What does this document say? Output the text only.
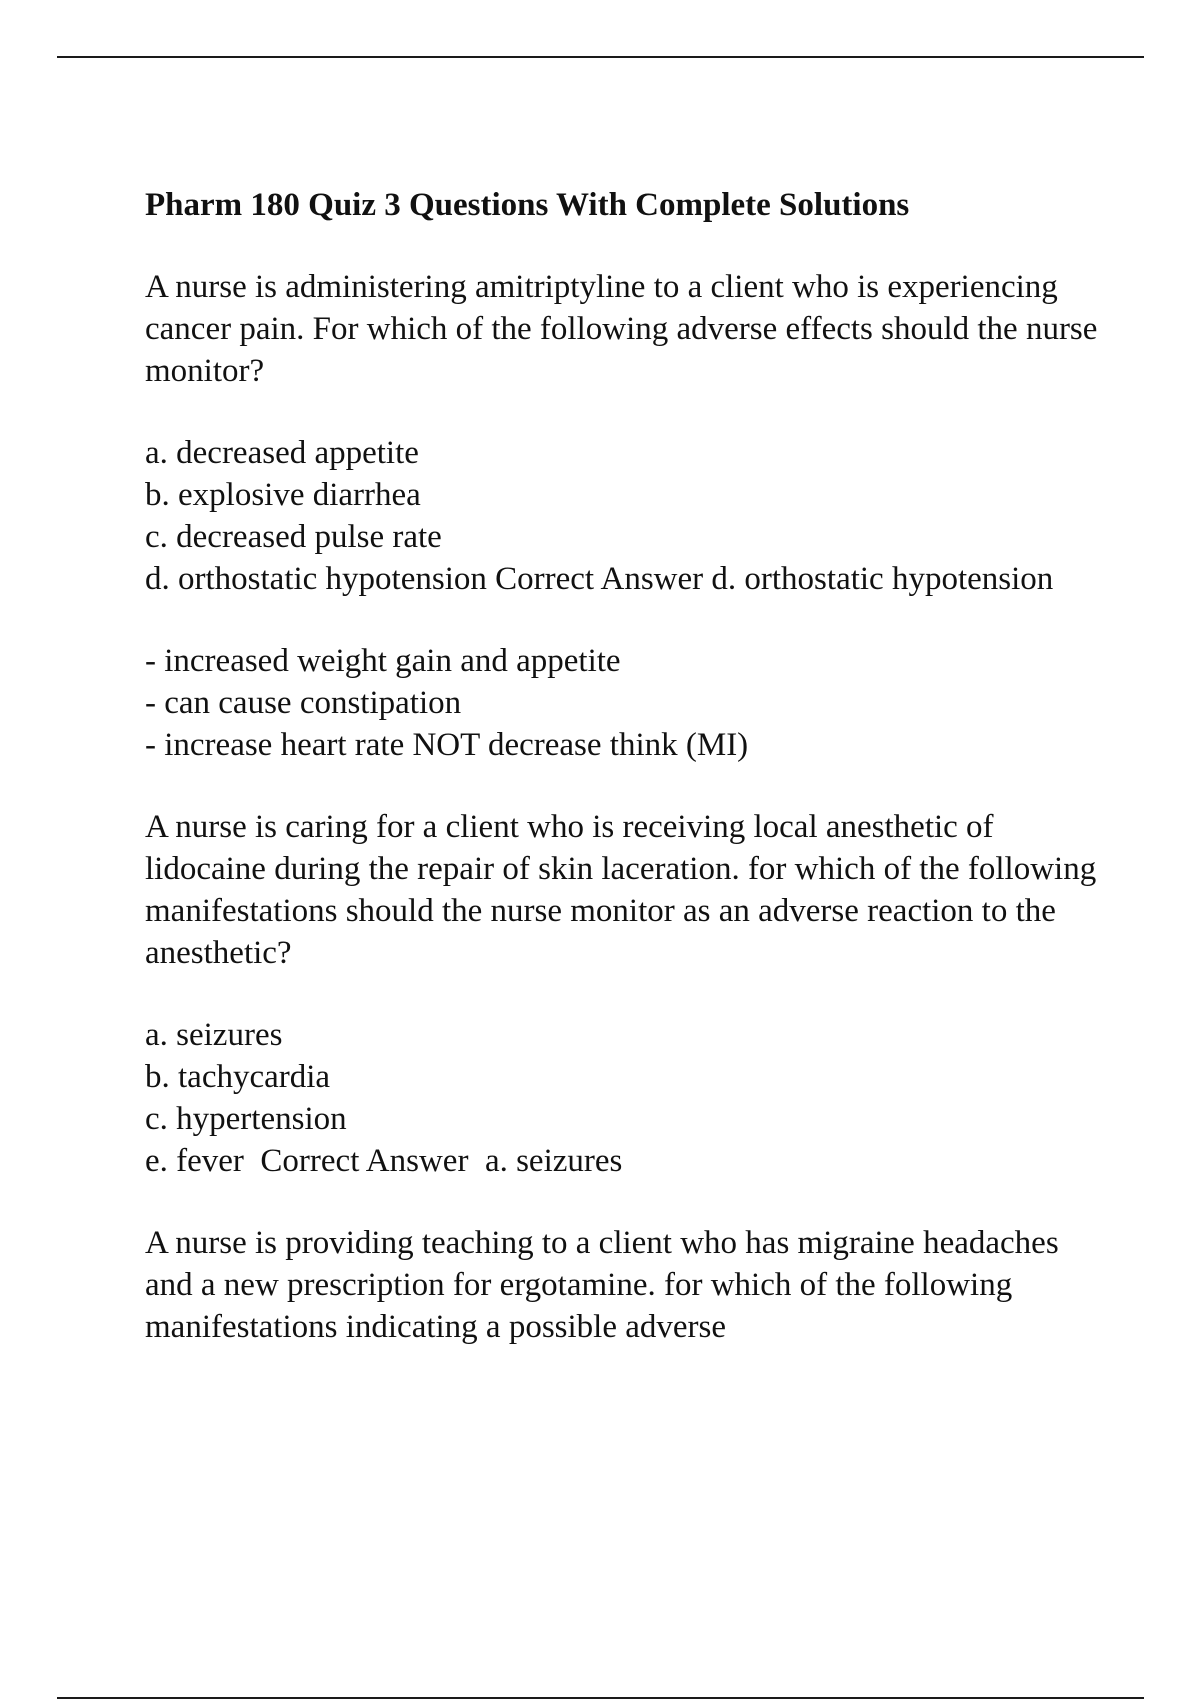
Pharm 180 Quiz 3 Questions With Complete Solutions

A nurse is administering amitriptyline to a client who is experiencing cancer pain. For which of the following adverse effects should the nurse monitor?

a. decreased appetite
b. explosive diarrhea
c. decreased pulse rate

d. orthostatic hypotension Correct Answer d. orthostatic hypotension

- increased weight gain and appetite
- can cause constipation
- increase heart rate NOT decrease think (MI)

A nurse is caring for a client who is receiving local anesthetic of lidocaine during the repair of skin laceration. for which of the following manifestations should the nurse monitor as an adverse reaction to the anesthetic?

a. seizures
b. tachycardia
c. hypertension
e. fever  Correct Answer  a. seizures

A nurse is providing teaching to a client who has migraine headaches and a new prescription for ergotamine. for which of the following manifestations indicating a possible adverse
